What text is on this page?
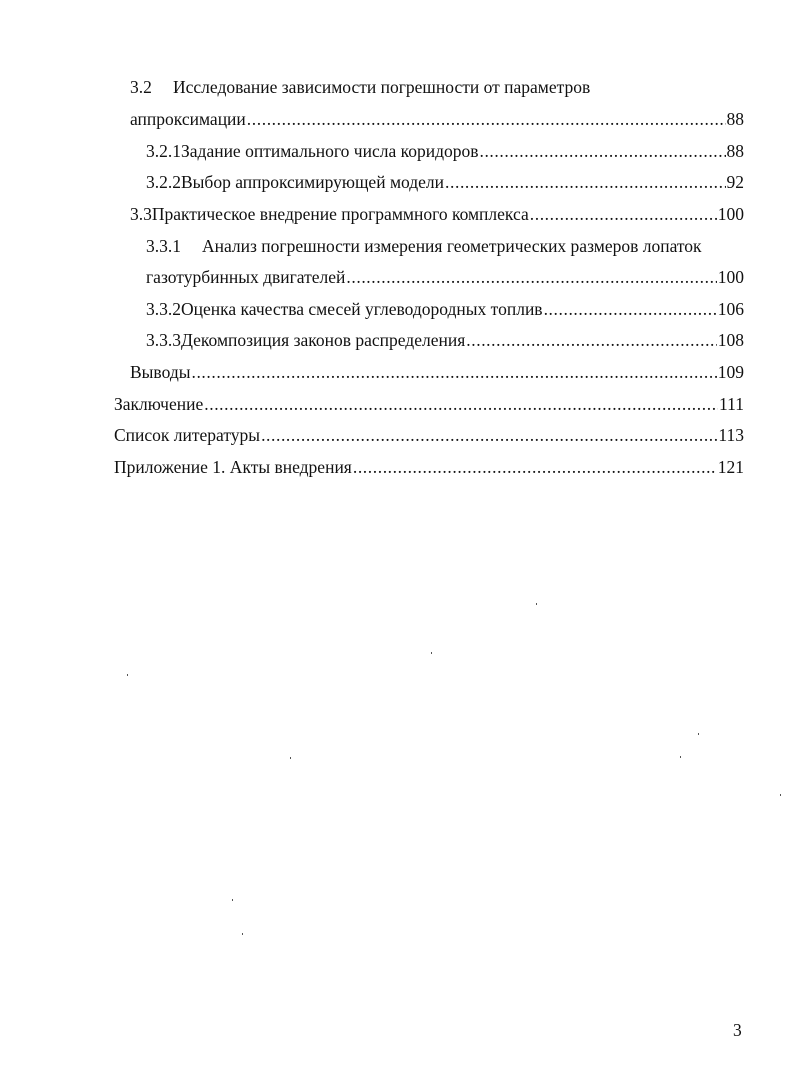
3.2	Исследование зависимости погрешности от параметров
аппроксимации .....	88
3.2.1 Задание оптимального числа коридоров .....	88
3.2.2 Выбор аппроксимирующей модели .....	92
3.3 Практическое внедрение программного комплекса .....	100
3.3.1	Анализ погрешности измерения геометрических размеров лопаток
газотурбинных двигателей .....	100
3.3.2 Оценка качества смесей углеводородных топлив .....	106
3.3.3 Декомпозиция законов распределения .....	108
Выводы .....	109
Заключение .....	111
Список литературы .....	113
Приложение 1. Акты внедрения .....	121
3
